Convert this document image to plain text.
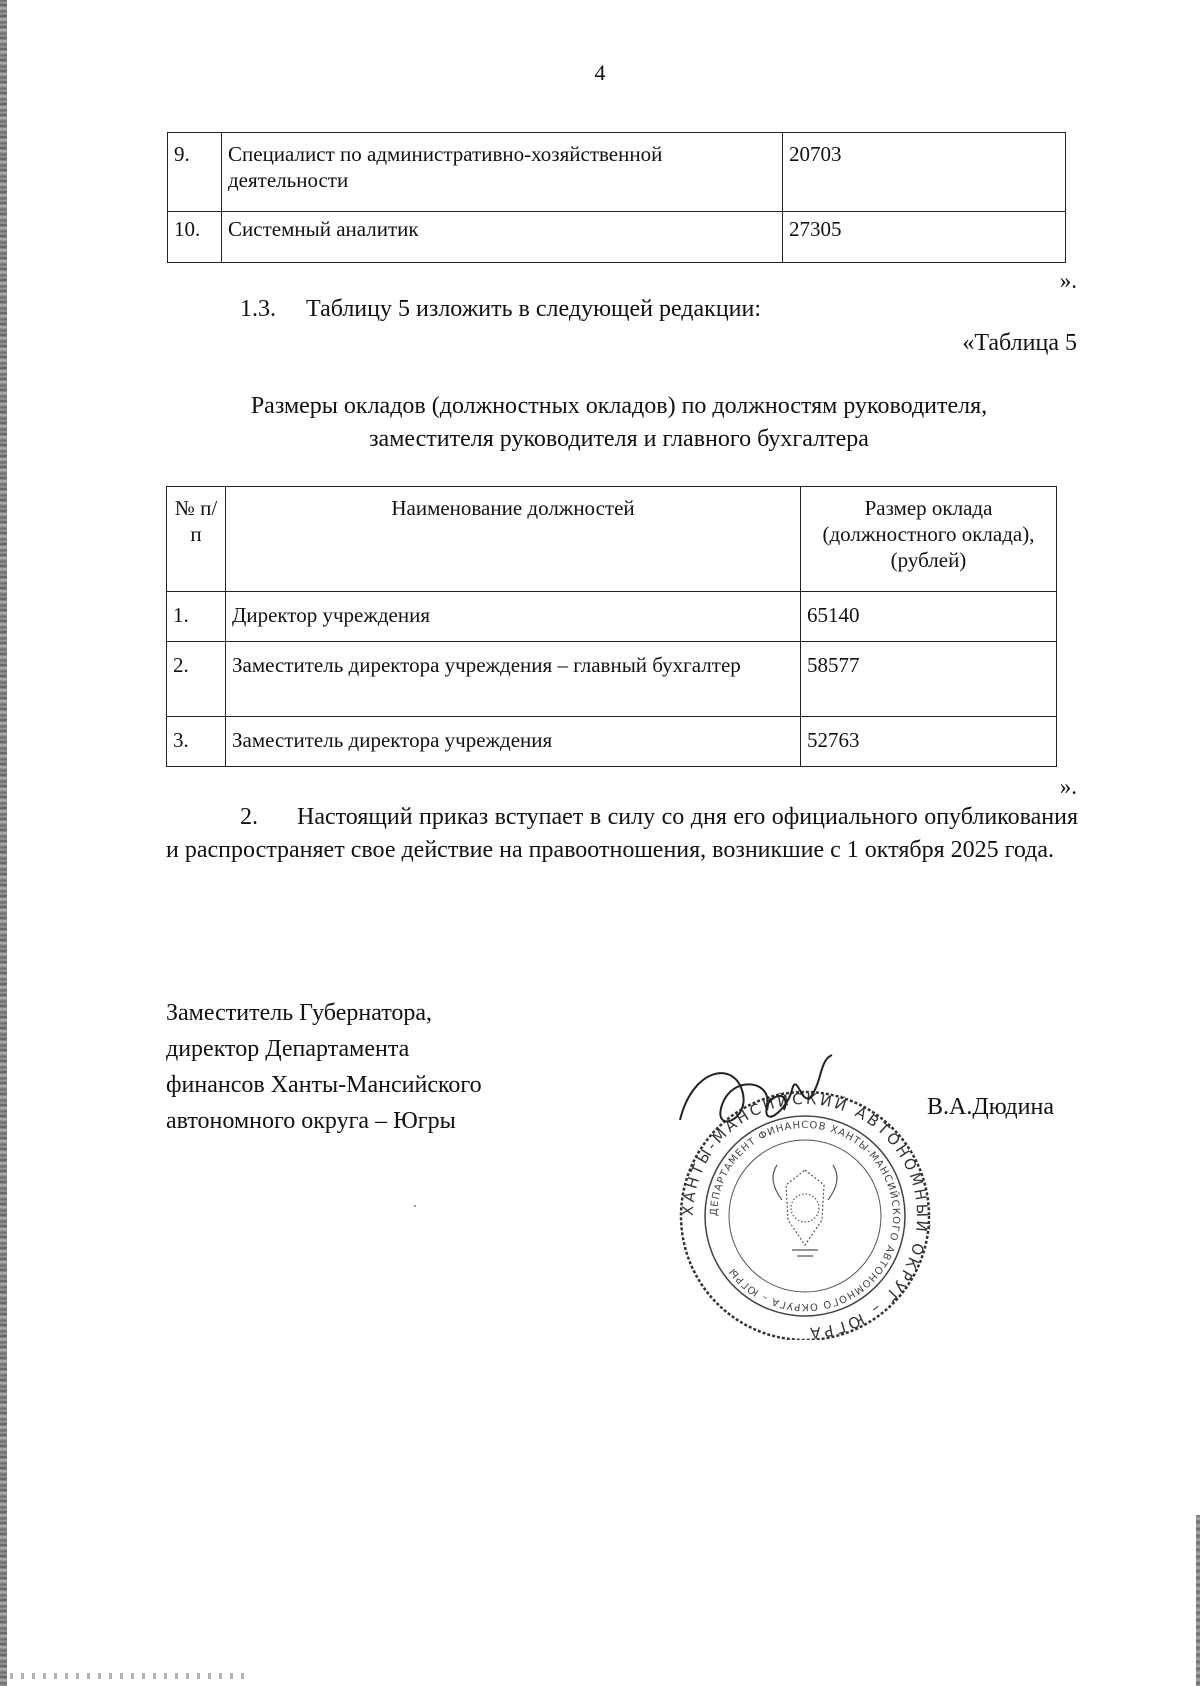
4
9.	Специалист по административно-хозяйственной деятельности	20703
10.	Системный аналитик	27305
».
1.3. Таблицу 5 изложить в следующей редакции:
«Таблица 5
Размеры окладов (должностных окладов) по должностям руководителя,
заместителя руководителя и главного бухгалтера
№ п/п	Наименование должностей	Размер оклада (должностного оклада), (рублей)
1.	Директор учреждения	65140
2.	Заместитель директора учреждения – главный бухгалтер	58577
3.	Заместитель директора учреждения	52763
».
2. Настоящий приказ вступает в силу со дня его официального опубликования и распространяет свое действие на правоотношения, возникшие с 1 октября 2025 года.
Заместитель Губернатора,
директор Департамента
финансов Ханты-Мансийского
автономного округа – Югры
ХАНТЫ-МАНСИЙСКИЙ АВТОНОМНЫЙ ОКРУГ – ЮГРА
ДЕПАРТАМЕНТ ФИНАНСОВ ХАНТЫ-МАНСИЙСКОГО АВТОНОМНОГО ОКРУГА – ЮГРЫ
В.А.Дюдина
